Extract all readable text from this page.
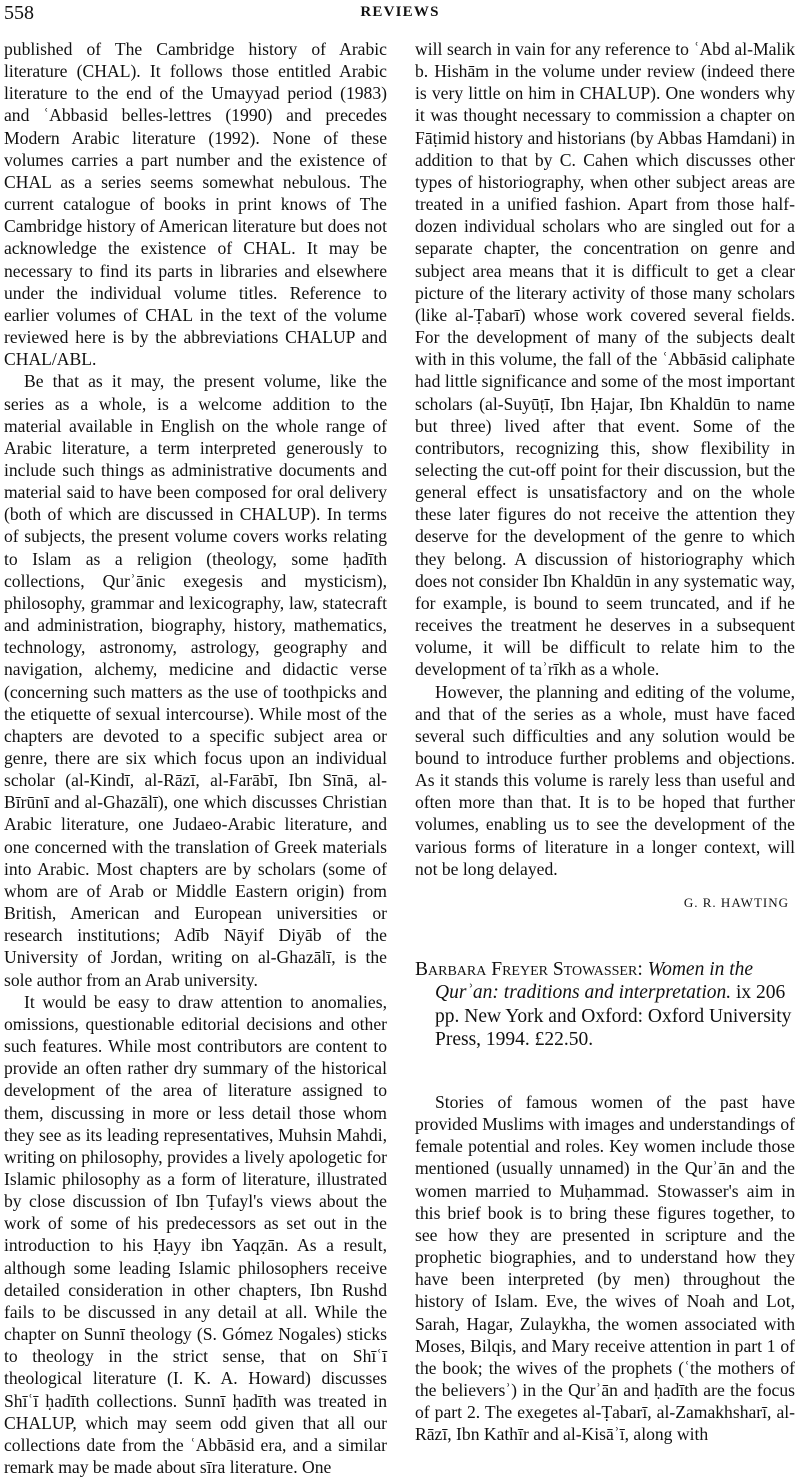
558	REVIEWS

published of The Cambridge history of Arabic literature (CHAL). It follows those entitled Arabic literature to the end of the Umayyad period (1983) and ʿAbbasid belles-lettres (1990) and precedes Modern Arabic literature (1992). None of these volumes carries a part number and the existence of CHAL as a series seems somewhat nebulous. The current catalogue of books in print knows of The Cambridge history of American literature but does not acknowledge the existence of CHAL. It may be necessary to find its parts in libraries and elsewhere under the individual volume titles. Reference to earlier volumes of CHAL in the text of the volume reviewed here is by the abbreviations CHALUP and CHAL/ABL.

Be that as it may, the present volume, like the series as a whole, is a welcome addition to the material available in English on the whole range of Arabic literature, a term interpreted generously to include such things as administrative documents and material said to have been composed for oral delivery (both of which are discussed in CHALUP). In terms of subjects, the present volume covers works relating to Islam as a religion (theology, some ḥadīth collections, Qurʾānic exegesis and mysticism), philosophy, grammar and lexicography, law, statecraft and administration, biography, history, mathematics, technology, astronomy, astrology, geography and navigation, alchemy, medicine and didactic verse (concerning such matters as the use of toothpicks and the etiquette of sexual intercourse). While most of the chapters are devoted to a specific subject area or genre, there are six which focus upon an individual scholar (al-Kindī, al-Rāzī, al-Farābī, Ibn Sīnā, al-Bīrūnī and al-Ghazālī), one which discusses Christian Arabic literature, one Judaeo-Arabic literature, and one concerned with the translation of Greek materials into Arabic. Most chapters are by scholars (some of whom are of Arab or Middle Eastern origin) from British, American and European universities or research institutions; Adīb Nāyif Diyāb of the University of Jordan, writing on al-Ghazālī, is the sole author from an Arab university.

It would be easy to draw attention to anomalies, omissions, questionable editorial decisions and other such features. While most contributors are content to provide an often rather dry summary of the historical development of the area of literature assigned to them, discussing in more or less detail those whom they see as its leading representatives, Muhsin Mahdi, writing on philosophy, provides a lively apologetic for Islamic philosophy as a form of literature, illustrated by close discussion of Ibn Ṭufayl's views about the work of some of his predecessors as set out in the introduction to his Ḥayy ibn Yaqẓān. As a result, although some leading Islamic philosophers receive detailed consideration in other chapters, Ibn Rushd fails to be discussed in any detail at all. While the chapter on Sunnī theology (S. Gómez Nogales) sticks to theology in the strict sense, that on Shīʿī theological literature (I. K. A. Howard) discusses Shīʿī ḥadīth collections. Sunnī ḥadīth was treated in CHALUP, which may seem odd given that all our collections date from the ʿAbbāsid era, and a similar remark may be made about sīra literature. One

will search in vain for any reference to ʿAbd al-Malik b. Hishām in the volume under review (indeed there is very little on him in CHALUP). One wonders why it was thought necessary to commission a chapter on Fāṭimid history and historians (by Abbas Hamdani) in addition to that by C. Cahen which discusses other types of historiography, when other subject areas are treated in a unified fashion. Apart from those half-dozen individual scholars who are singled out for a separate chapter, the concentration on genre and subject area means that it is difficult to get a clear picture of the literary activity of those many scholars (like al-Ṭabarī) whose work covered several fields. For the development of many of the subjects dealt with in this volume, the fall of the ʿAbbāsid caliphate had little significance and some of the most important scholars (al-Suyūṭī, Ibn Ḥajar, Ibn Khaldūn to name but three) lived after that event. Some of the contributors, recognizing this, show flexibility in selecting the cut-off point for their discussion, but the general effect is unsatisfactory and on the whole these later figures do not receive the attention they deserve for the development of the genre to which they belong. A discussion of historiography which does not consider Ibn Khaldūn in any systematic way, for example, is bound to seem truncated, and if he receives the treatment he deserves in a subsequent volume, it will be difficult to relate him to the development of taʾrīkh as a whole.

However, the planning and editing of the volume, and that of the series as a whole, must have faced several such difficulties and any solution would be bound to introduce further problems and objections. As it stands this volume is rarely less than useful and often more than that. It is to be hoped that further volumes, enabling us to see the development of the various forms of literature in a longer context, will not be long delayed.

G. R. HAWTING
Barbara Freyer Stowasser: Women in the Qurʾan: traditions and interpretation. ix 206 pp. New York and Oxford: Oxford University Press, 1994. £22.50.

Stories of famous women of the past have provided Muslims with images and understandings of female potential and roles. Key women include those mentioned (usually unnamed) in the Qurʾān and the women married to Muḥammad. Stowasser's aim in this brief book is to bring these figures together, to see how they are presented in scripture and the prophetic biographies, and to understand how they have been interpreted (by men) throughout the history of Islam. Eve, the wives of Noah and Lot, Sarah, Hagar, Zulaykha, the women associated with Moses, Bilqis, and Mary receive attention in part 1 of the book; the wives of the prophets (ʿthe mothers of the believersʾ) in the Qurʾān and ḥadīth are the focus of part 2. The exegetes al-Ṭabarī, al-Zamakhsharī, al-Rāzī, Ibn Kathīr and al-Kisāʾī, along with
